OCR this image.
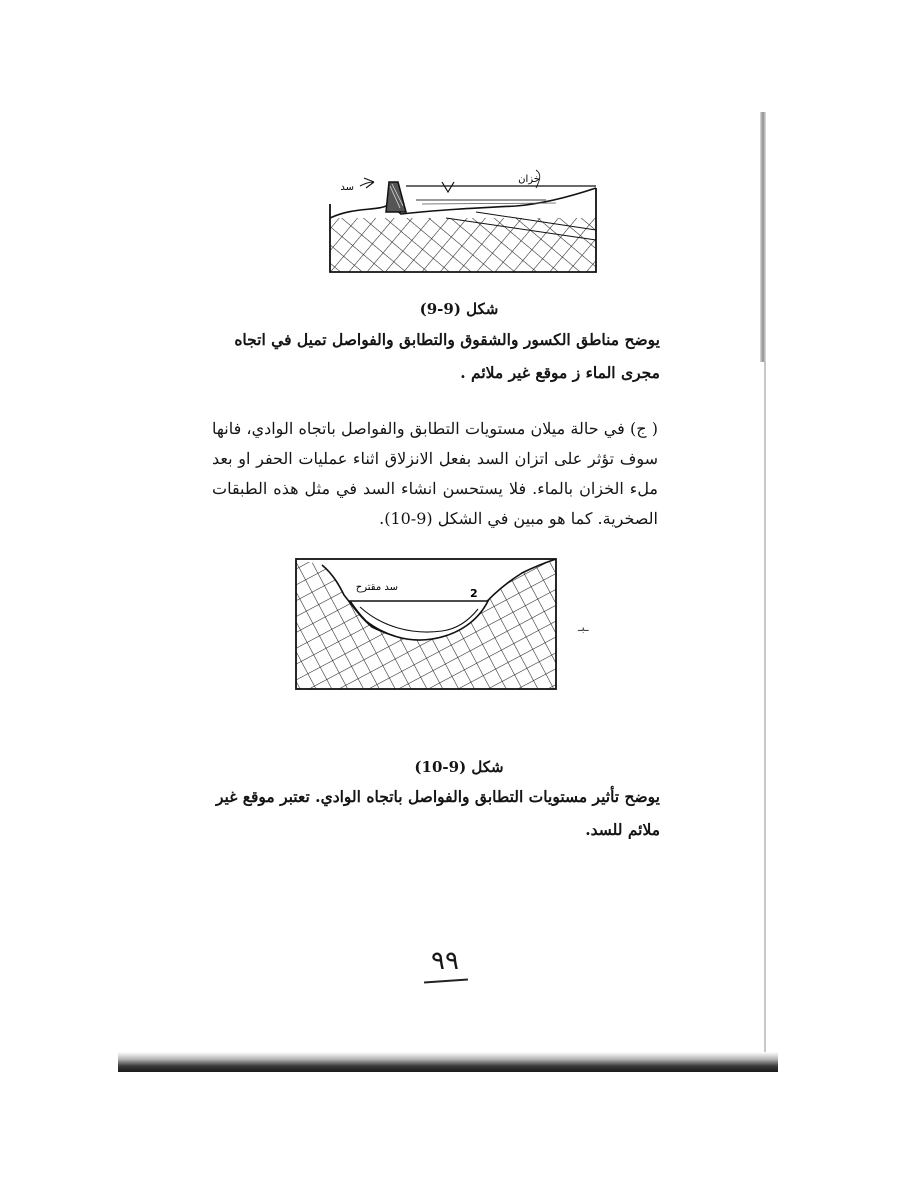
خزان
سد
شكل (9-9)
يوضح مناطق الكسور والشقوق والتطابق والفواصل تميل في اتجاه مجرى الماء ز موقع غير ملائم .

( ج) في حالة ميلان مستويات التطابق والفواصل باتجاه الوادي، فانها سوف تؤثر على اتزان السد بفعل الانزلاق اثناء عمليات الحفر او بعد ملء الخزان بالماء. فلا يستحسن انشاء السد في مثل هذه الطبقات الصخرية. كما هو مبين في الشكل (9-10).

سد مقترح	2
ـبـ
شكل (9-10)
يوضح تأثير مستويات التطابق والفواصل باتجاه الوادي. تعتبر موقع غير ملائم للسد.
٩٩
